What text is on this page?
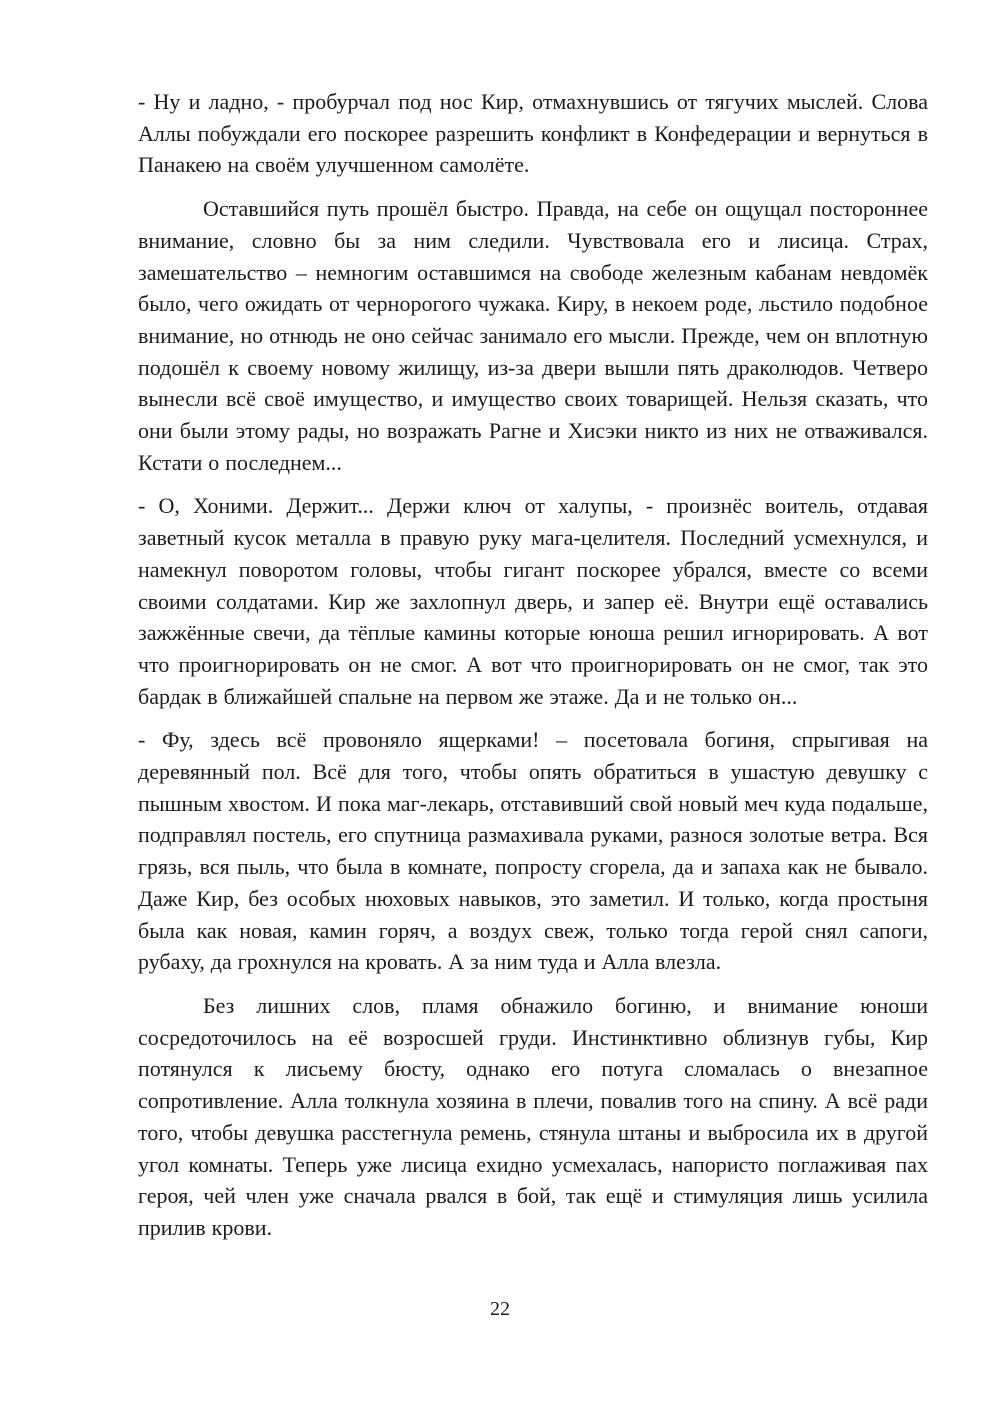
- Ну и ладно, - пробурчал под нос Кир, отмахнувшись от тягучих мыслей. Слова Аллы побуждали его поскорее разрешить конфликт в Конфедерации и вернуться в Панакею на своём улучшенном самолёте.

Оставшийся путь прошёл быстро. Правда, на себе он ощущал постороннее внимание, словно бы за ним следили. Чувствовала его и лисица. Страх, замешательство – немногим оставшимся на свободе железным кабанам невдомёк было, чего ожидать от чернорогого чужака. Киру, в некоем роде, льстило подобное внимание, но отнюдь не оно сейчас занимало его мысли. Прежде, чем он вплотную подошёл к своему новому жилищу, из-за двери вышли пять драколюдов. Четверо вынесли всё своё имущество, и имущество своих товарищей. Нельзя сказать, что они были этому рады, но возражать Рагне и Хисэки никто из них не отваживался. Кстати о последнем...

- О, Хоними. Держит... Держи ключ от халупы, - произнёс воитель, отдавая заветный кусок металла в правую руку мага-целителя. Последний усмехнулся, и намекнул поворотом головы, чтобы гигант поскорее убрался, вместе со всеми своими солдатами. Кир же захлопнул дверь, и запер её. Внутри ещё оставались зажжённые свечи, да тёплые камины которые юноша решил игнорировать. А вот что проигнорировать он не смог. А вот что проигнорировать он не смог, так это бардак в ближайшей спальне на первом же этаже. Да и не только он...

- Фу, здесь всё провоняло ящерками! – посетовала богиня, спрыгивая на деревянный пол. Всё для того, чтобы опять обратиться в ушастую девушку с пышным хвостом. И пока маг-лекарь, отставивший свой новый меч куда подальше, подправлял постель, его спутница размахивала руками, разнося золотые ветра. Вся грязь, вся пыль, что была в комнате, попросту сгорела, да и запаха как не бывало. Даже Кир, без особых нюховых навыков, это заметил. И только, когда простыня была как новая, камин горяч, а воздух свеж, только тогда герой снял сапоги, рубаху, да грохнулся на кровать. А за ним туда и Алла влезла.

Без лишних слов, пламя обнажило богиню, и внимание юноши сосредоточилось на её возросшей груди. Инстинктивно облизнув губы, Кир потянулся к лисьему бюсту, однако его потуга сломалась о внезапное сопротивление. Алла толкнула хозяина в плечи, повалив того на спину. А всё ради того, чтобы девушка расстегнула ремень, стянула штаны и выбросила их в другой угол комнаты. Теперь уже лисица ехидно усмехалась, напористо поглаживая пах героя, чей член уже сначала рвался в бой, так ещё и стимуляция лишь усилила прилив крови.

22
